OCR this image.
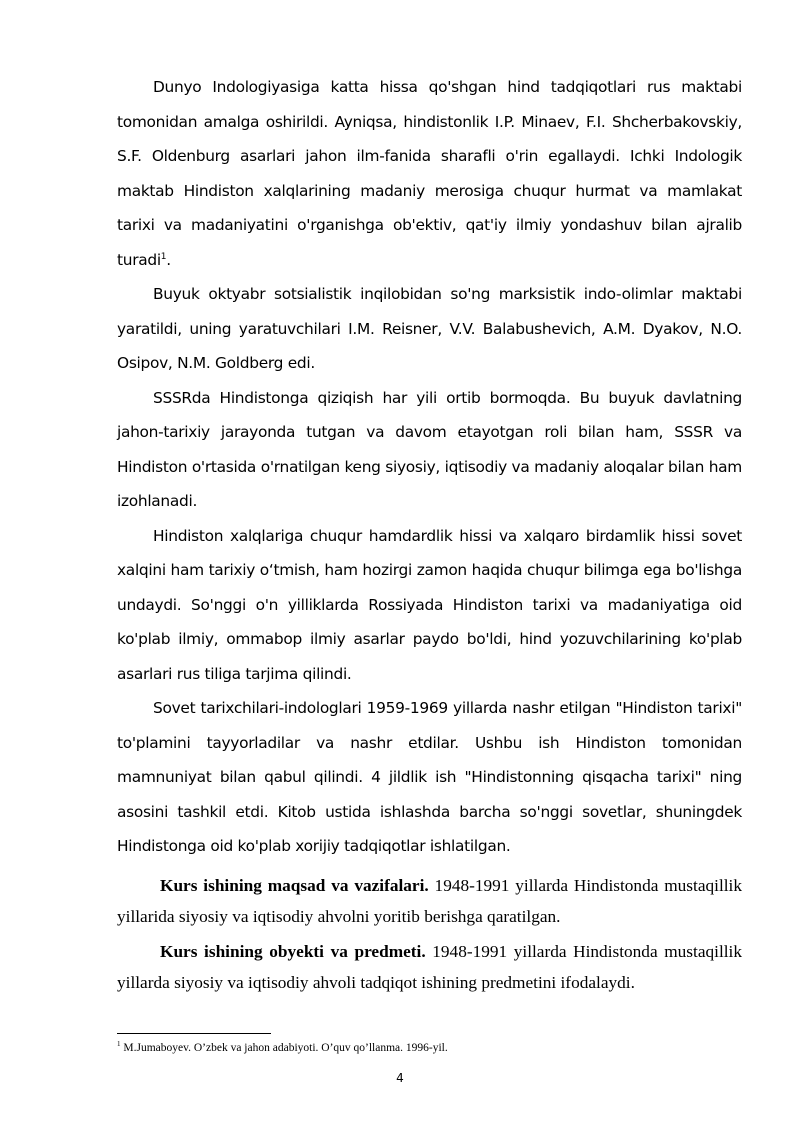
Dunyo Indologiyasiga katta hissa qo'shgan hind tadqiqotlari rus maktabi tomonidan amalga oshirildi. Ayniqsa, hindistonlik I.P. Minaev, F.I. Shcherbakovskiy, S.F. Oldenburg asarlari jahon ilm-fanida sharafli o'rin egallaydi. Ichki Indologik maktab Hindiston xalqlarining madaniy merosiga chuqur hurmat va mamlakat tarixi va madaniyatini o'rganishga ob'ektiv, qat'iy ilmiy yondashuv bilan ajralib turadi$^1$.

Buyuk oktyabr sotsialistik inqilobidan so'ng marksistik indo-olimlar maktabi yaratildi, uning yaratuvchilari I.M. Reisner, V.V. Balabushevich, A.M. Dyakov, N.O. Osipov, N.M. Goldberg edi.

SSSRda Hindistonga qiziqish har yili ortib bormoqda. Bu buyuk davlatning jahon-tarixiy jarayonda tutgan va davom etayotgan roli bilan ham, SSSR va Hindiston o'rtasida o'rnatilgan keng siyosiy, iqtisodiy va madaniy aloqalar bilan ham izohlanadi.

Hindiston xalqlariga chuqur hamdardlik hissi va xalqaro birdamlik hissi sovet xalqini ham tarixiy o‘tmish, ham hozirgi zamon haqida chuqur bilimga ega bo'lishga undaydi. So'nggi o'n yilliklarda Rossiyada Hindiston tarixi va madaniyatiga oid ko'plab ilmiy, ommabop ilmiy asarlar paydo bo'ldi, hind yozuvchilarining ko'plab asarlari rus tiliga tarjima qilindi.

Sovet tarixchilari-indologlari 1959-1969 yillarda nashr etilgan "Hindiston tarixi" to'plamini tayyorladilar va nashr etdilar. Ushbu ish Hindiston tomonidan mamnuniyat bilan qabul qilindi. 4 jildlik ish "Hindistonning qisqacha tarixi" ning asosini tashkil etdi. Kitob ustida ishlashda barcha so'nggi sovetlar, shuningdek Hindistonga oid ko'plab xorijiy tadqiqotlar ishlatilgan.

Kurs ishining maqsad va vazifalari. 1948-1991 yillarda Hindistonda mustaqillik yillarida siyosiy va iqtisodiy ahvolni yoritib berishga qaratilgan.

Kurs ishining obyekti va predmeti. 1948-1991 yillarda Hindistonda mustaqillik yillarda siyosiy va iqtisodiy ahvoli tadqiqot ishining predmetini ifodalaydi.

$^1$ M.Jumaboyev. O’zbek va jahon adabiyoti. O’quv qo’llanma. 1996-yil.
4
